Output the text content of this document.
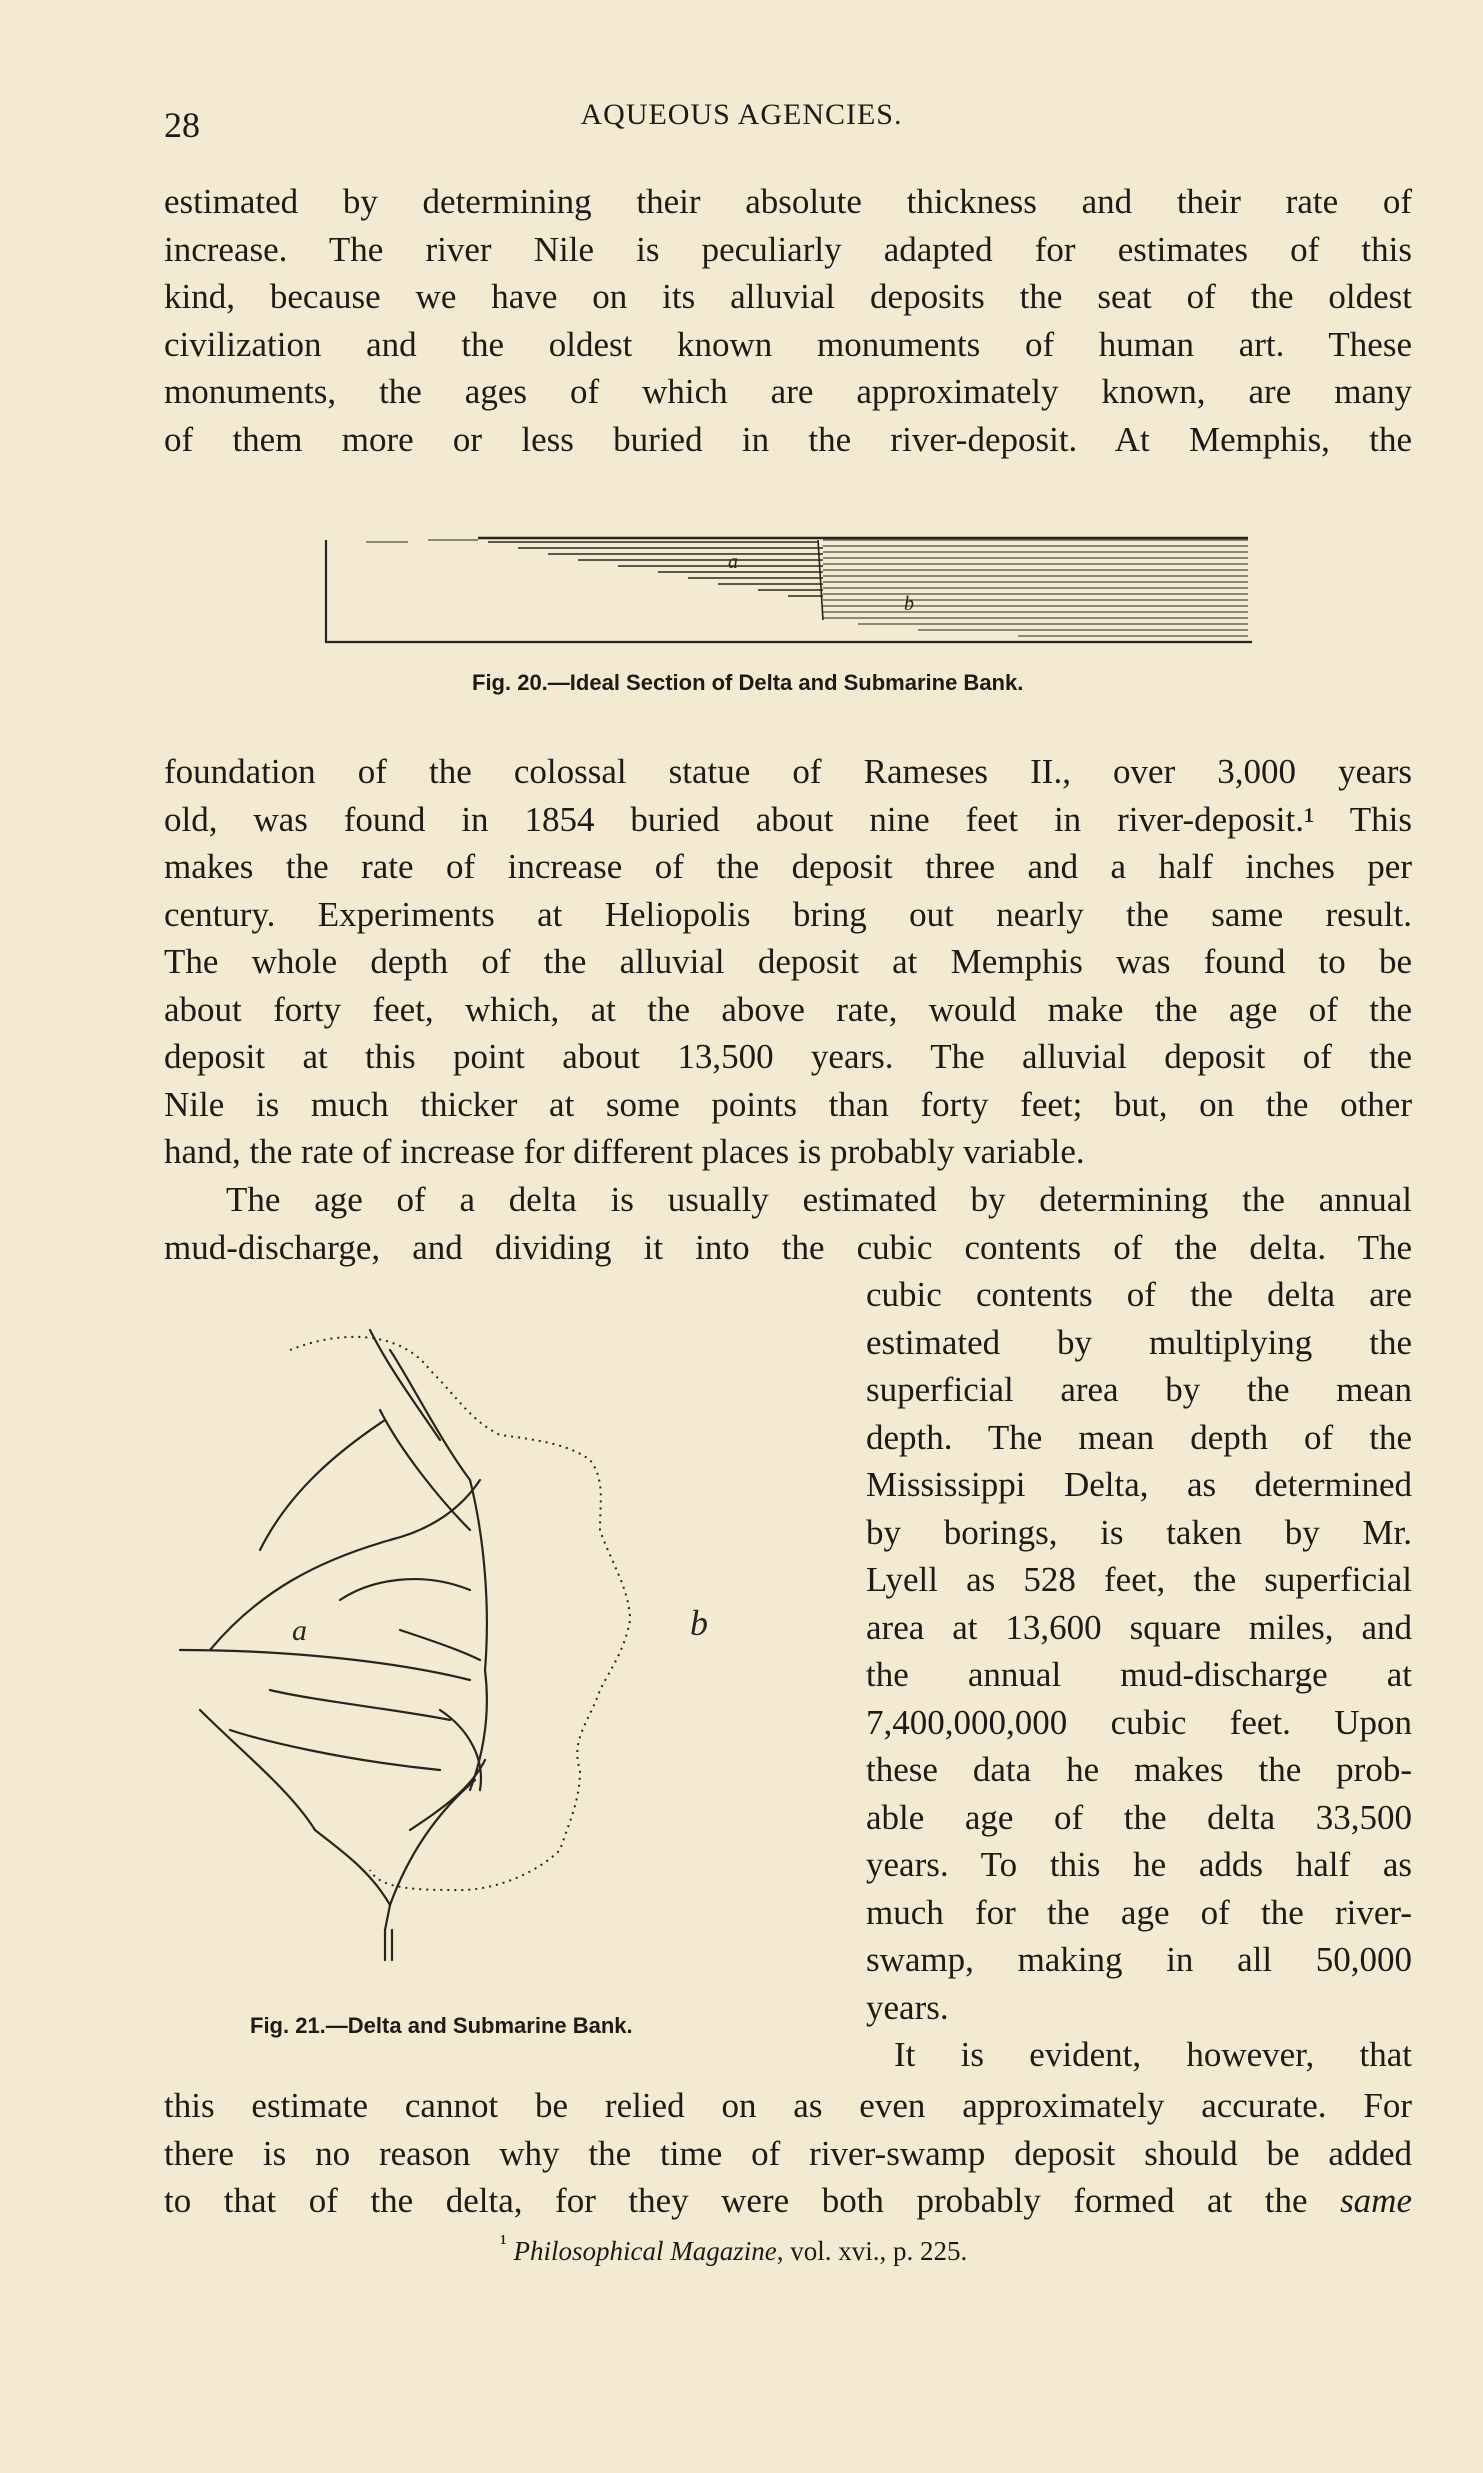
28	AQUEOUS AGENCIES.
estimated by determining their absolute thickness and their rate of
increase. The river Nile is peculiarly adapted for estimates of this
kind, because we have on its alluvial deposits the seat of the oldest
civilization and the oldest known monuments of human art. These
monuments, the ages of which are approximately known, are many
of them more or less buried in the river-deposit. At Memphis, the
a
b
Fig. 20.—Ideal Section of Delta and Submarine Bank.
foundation of the colossal statue of Rameses II., over 3,000 years
old, was found in 1854 buried about nine feet in river-deposit.¹ This
makes the rate of increase of the deposit three and a half inches per
century. Experiments at Heliopolis bring out nearly the same result.
The whole depth of the alluvial deposit at Memphis was found to be
about forty feet, which, at the above rate, would make the age of the
deposit at this point about 13,500 years. The alluvial deposit of the
Nile is much thicker at some points than forty feet; but, on the other
hand, the rate of increase for different places is probably variable.
The age of a delta is usually estimated by determining the annual
mud-discharge, and dividing it into the cubic contents of the delta. The
a	b
Fig. 21.—Delta and Submarine Bank.
cubic contents of the delta are
estimated by multiplying the
superficial area by the mean
depth. The mean depth of the
Mississippi Delta, as determined
by borings, is taken by Mr.
Lyell as 528 feet, the superficial
area at 13,600 square miles, and
the annual mud-discharge at
7,400,000,000 cubic feet. Upon
these data he makes the prob-
able age of the delta 33,500
years. To this he adds half as
much for the age of the river-
swamp, making in all 50,000
years.
It is evident, however, that
this estimate cannot be relied on as even approximately accurate. For
there is no reason why the time of river-swamp deposit should be added
to that of the delta, for they were both probably formed at the same
$^{^1}$ Philosophical Magazine, vol. xvi., p. 225.
